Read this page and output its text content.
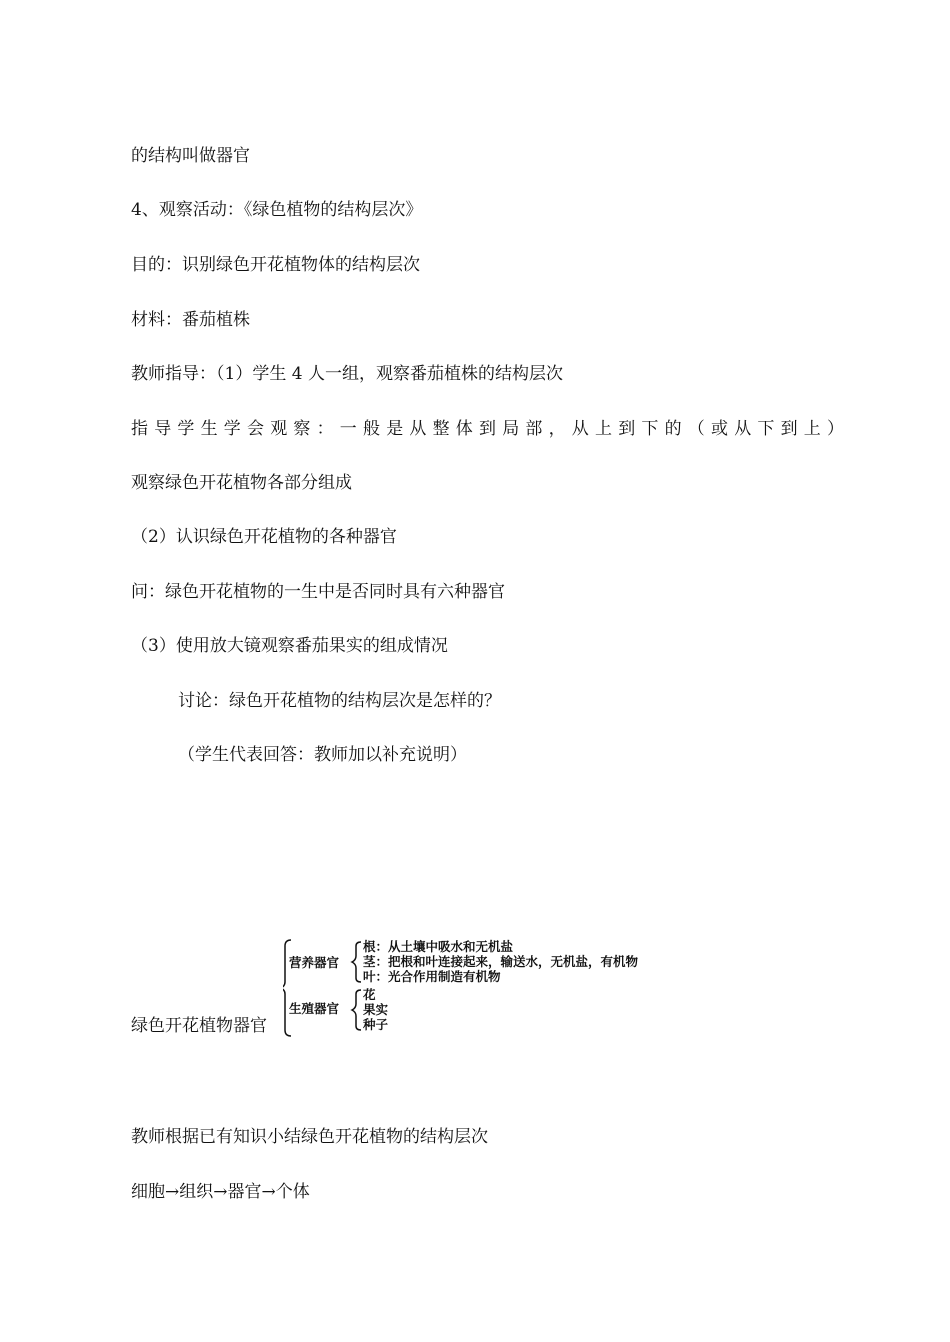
的结构叫做器官
4、观察活动：《绿色植物的结构层次》
目的：识别绿色开花植物体的结构层次
材料：番茄植株
教师指导：（1）学生 4 人一组，观察番茄植株的结构层次
指导学生学会观察：一般是从整体到局部，从上到下的（或从下到上）
观察绿色开花植物各部分组成
（2）认识绿色开花植物的各种器官
问：绿色开花植物的一生中是否同时具有六种器官
（3）使用放大镜观察番茄果实的组成情况
讨论：绿色开花植物的结构层次是怎样的？
（学生代表回答：教师加以补充说明）
绿色开花植物器官
营养器官
根：从土壤中吸水和无机盐
茎：把根和叶连接起来，输送水，无机盐，有机物
叶：光合作用制造有机物
生殖器官
花
果实
种子
教师根据已有知识小结绿色开花植物的结构层次
细胞→组织→器官→个体
